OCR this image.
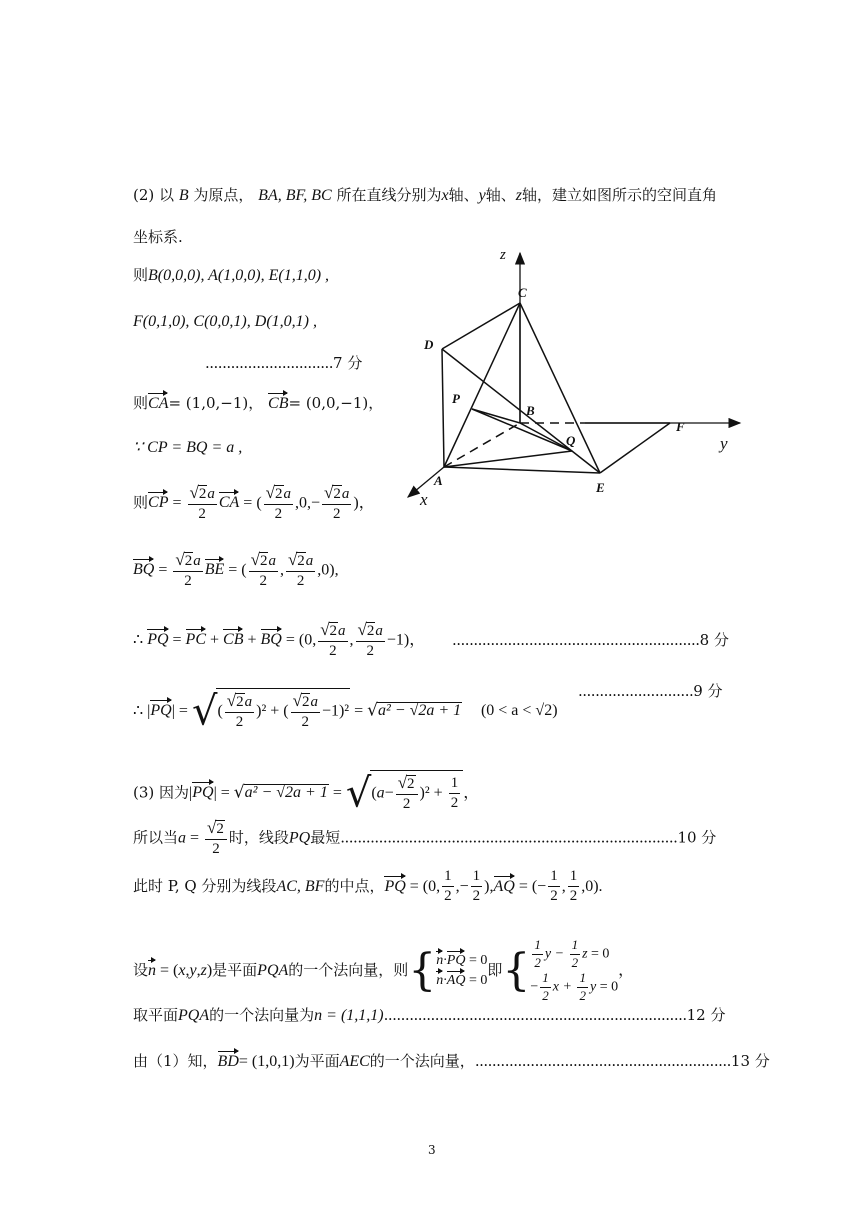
(2) 以 B 为原点， BA, BF, BC 所在直线分别为x轴、y轴、z轴，建立如图所示的空间直角
坐标系.
则B(0,0,0), A(1,0,0), E(1,1,0) ,
F(0,1,0), C(0,0,1), D(1,0,1) ,
..............................7 分
则CA= (1,0,−1)， CB= (0,0,−1)，
∵ CP = BQ = a ,
则CP = $\frac{√2a}{2}$ CA = ( $\frac{√2a}{2} ,0,- \frac{√2a}{2}$ )，
BQ = $\frac{√2a}{2}$ BE = ( $\frac{√2a}{2}$ , $\frac{√2a}{2} ,0$),
∴ PQ = PC + CB + BQ = (0, $\frac{√2a}{2}$ , $\frac{√2a}{2} -1$)， ..........................................................8 分
...........................9 分
∴ |PQ| = √( $\frac{√2a}{2} )^2$ + ( $\frac{√2a}{2} -1)^2 = √a^2 - √2a + 1$ (0 < a < √2)
(3) 因为$|PQ| = √a^2 - √2a + 1 = √(a- \frac{√2}{2} )^2 + \frac{1}{2}$ ，
所以当$a = \frac{√2}{2}$ 时，线段PQ最短...............................................................................10 分
此时 P, Q 分别为线段AC, BF的中点，PQ = (0, $\frac{1}{2}$ ,− $\frac{1}{2} ),AQ$ = (− $\frac{1}{2}$ , $\frac{1}{2} ,0$).
设n = (x,y,z)是平面PQA的一个法向量，则{ n·PQ = 0
n·AQ = 0
即{ $\frac{1}{2}$ $y - \frac{1}{2}$ z = 0
− $\frac{1}{2}$ $x + \frac{1}{2}$ y = 0
，
取平面PQA的一个法向量为n = (1,1,1).......................................................................12 分
由（1）知，BD= (1,0,1)为平面AEC的一个法向量，............................................................13 分
z
y
x
C
D
P
B
F
Q
A	E
3
